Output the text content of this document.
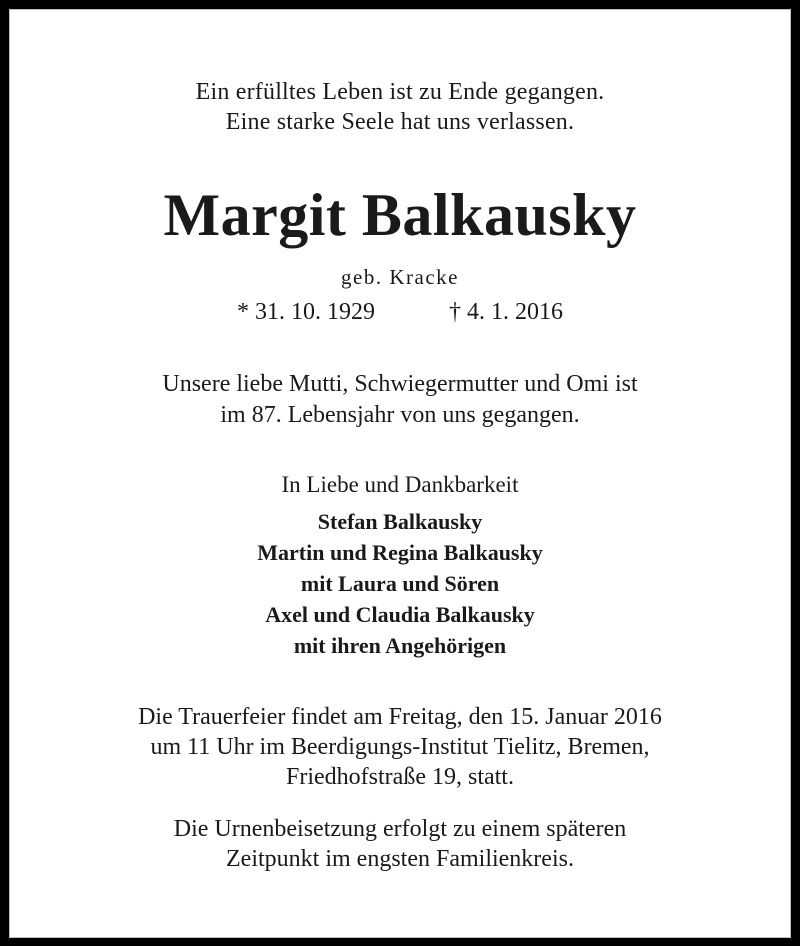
Ein erfülltes Leben ist zu Ende gegangen.
Eine starke Seele hat uns verlassen.
Margit Balkausky
geb. Kracke
* 31. 10. 1929	† 4. 1. 2016
Unsere liebe Mutti, Schwiegermutter und Omi ist
im 87. Lebensjahr von uns gegangen.
In Liebe und Dankbarkeit
Stefan Balkausky
Martin und Regina Balkausky
mit Laura und Sören
Axel und Claudia Balkausky
mit ihren Angehörigen
Die Trauerfeier findet am Freitag, den 15. Januar 2016
um 11 Uhr im Beerdigungs-Institut Tielitz, Bremen,
Friedhofstraße 19, statt.
Die Urnenbeisetzung erfolgt zu einem späteren
Zeitpunkt im engsten Familienkreis.
